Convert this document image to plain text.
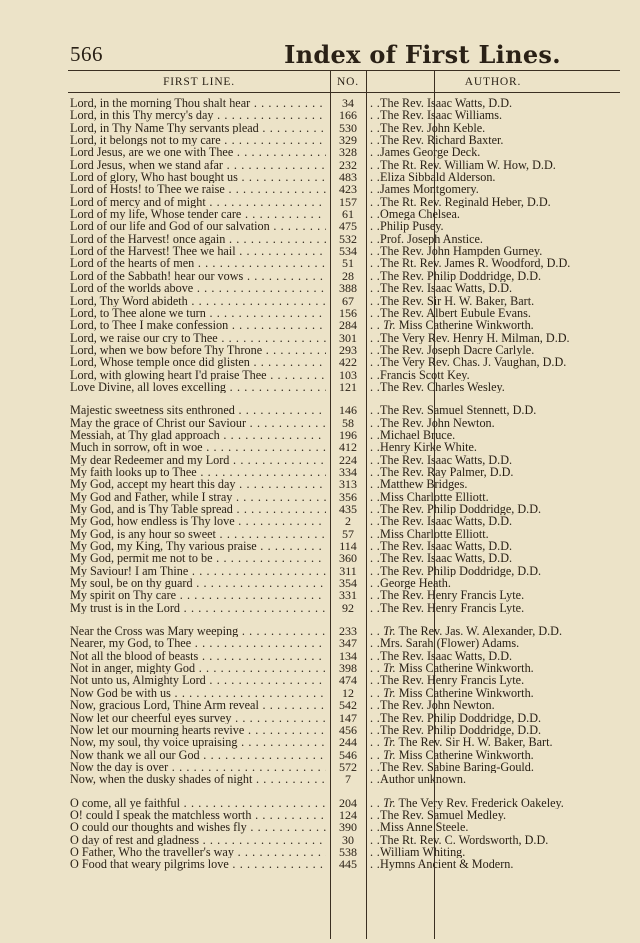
566	Index of First Lines.
FIRST LINE.	NO.	AUTHOR.
Lord, in the morning Thou shalt hear . . .	34	. .The Rev. Isaac Watts, D.D.
Lord, in this Thy mercy's day . . .	166	. .The Rev. Isaac Williams.
Lord, in Thy Name Thy servants plead . . .	530	. .The Rev. John Keble.
Lord, it belongs not to my care . . .	329	. .The Rev. Richard Baxter.
Lord Jesus, are we one with Thee . . .	328	. .James George Deck.
Lord Jesus, when we stand afar . . .	232	. .The Rt. Rev. William W. How, D.D.
Lord of glory, Who hast bought us . . .	483	. .Eliza Sibbald Alderson.
Lord of Hosts! to Thee we raise . . .	423	. .James Montgomery.
Lord of mercy and of might . . .	157	. .The Rt. Rev. Reginald Heber, D.D.
Lord of my life, Whose tender care . . .	61	. .Omega Chelsea.
Lord of our life and God of our salvation . . .	475	. .Philip Pusey.
Lord of the Harvest! once again . . .	532	. .Prof. Joseph Anstice.
Lord of the Harvest! Thee we hail . . .	534	. .The Rev. John Hampden Gurney.
Lord of the hearts of men . . .	51	. .The Rt. Rev. James R. Woodford, D.D.
Lord of the Sabbath! hear our vows . . .	28	. .The Rev. Philip Doddridge, D.D.
Lord of the worlds above . . .	388	. .The Rev. Isaac Watts, D.D.
Lord, Thy Word abideth . . .	67	. .The Rev. Sir H. W. Baker, Bart.
Lord, to Thee alone we turn . . .	156	. .The Rev. Albert Eubule Evans.
Lord, to Thee I make confession . . .	284	. . Tr. Miss Catherine Winkworth.
Lord, we raise our cry to Thee . . .	301	. .The Very Rev. Henry H. Milman, D.D.
Lord, when we bow before Thy Throne . . .	293	. .The Rev. Joseph Dacre Carlyle.
Lord, Whose temple once did glisten . . .	422	. .The Very Rev. Chas. J. Vaughan, D.D.
Lord, with glowing heart I'd praise Thee . . .	103	. .Francis Scott Key.
Love Divine, all loves excelling . . .	121	. .The Rev. Charles Wesley.
Majestic sweetness sits enthroned . . .	146	. .The Rev. Samuel Stennett, D.D.
May the grace of Christ our Saviour . . .	58	. .The Rev. John Newton.
Messiah, at Thy glad approach . . .	196	. .Michael Bruce.
Much in sorrow, oft in woe . . .	412	. .Henry Kirke White.
My dear Redeemer and my Lord . . .	224	. .The Rev. Isaac Watts, D.D.
My faith looks up to Thee . . .	334	. .The Rev. Ray Palmer, D.D.
My God, accept my heart this day . . .	313	. .Matthew Bridges.
My God and Father, while I stray . . .	356	. .Miss Charlotte Elliott.
My God, and is Thy Table spread . . .	435	. .The Rev. Philip Doddridge, D.D.
My God, how endless is Thy love . . .	2	. .The Rev. Isaac Watts, D.D.
My God, is any hour so sweet . . .	57	. .Miss Charlotte Elliott.
My God, my King, Thy various praise . . .	114	. .The Rev. Isaac Watts, D.D.
My God, permit me not to be . . .	360	. .The Rev. Isaac Watts, D.D.
My Saviour! I am Thine . . .	311	. .The Rev. Philip Doddridge, D.D.
My soul, be on thy guard . . .	354	. .George Heath.
My spirit on Thy care . . .	331	. .The Rev. Henry Francis Lyte.
My trust is in the Lord . . .	92	. .The Rev. Henry Francis Lyte.
Near the Cross was Mary weeping . . .	233	. . Tr. The Rev. Jas. W. Alexander, D.D.
Nearer, my God, to Thee . . .	347	. .Mrs. Sarah (Flower) Adams.
Not all the blood of beasts . . .	134	. .The Rev. Isaac Watts, D.D.
Not in anger, mighty God . . .	398	. . Tr. Miss Catherine Winkworth.
Not unto us, Almighty Lord . . .	474	. .The Rev. Henry Francis Lyte.
Now God be with us . . .	12	. . Tr. Miss Catherine Winkworth.
Now, gracious Lord, Thine Arm reveal . . .	542	. .The Rev. John Newton.
Now let our cheerful eyes survey . . .	147	. .The Rev. Philip Doddridge, D.D.
Now let our mourning hearts revive . . .	456	. .The Rev. Philip Doddridge, D.D.
Now, my soul, thy voice upraising . . .	244	. . Tr. The Rev. Sir H. W. Baker, Bart.
Now thank we all our God . . .	546	. . Tr. Miss Catherine Winkworth.
Now the day is over . . .	572	. .The Rev. Sabine Baring-Gould.
Now, when the dusky shades of night . . .	7	. .Author unknown.
O come, all ye faithful . . .	204	. . Tr. The Very Rev. Frederick Oakeley.
O! could I speak the matchless worth . . .	124	. .The Rev. Samuel Medley.
O could our thoughts and wishes fly . . .	390	. .Miss Anne Steele.
O day of rest and gladness . . .	30	. .The Rt. Rev. C. Wordsworth, D.D.
O Father, Who the traveller's way . . .	538	. .William Whiting.
O Food that weary pilgrims love . . .	445	. .Hymns Ancient & Modern.
